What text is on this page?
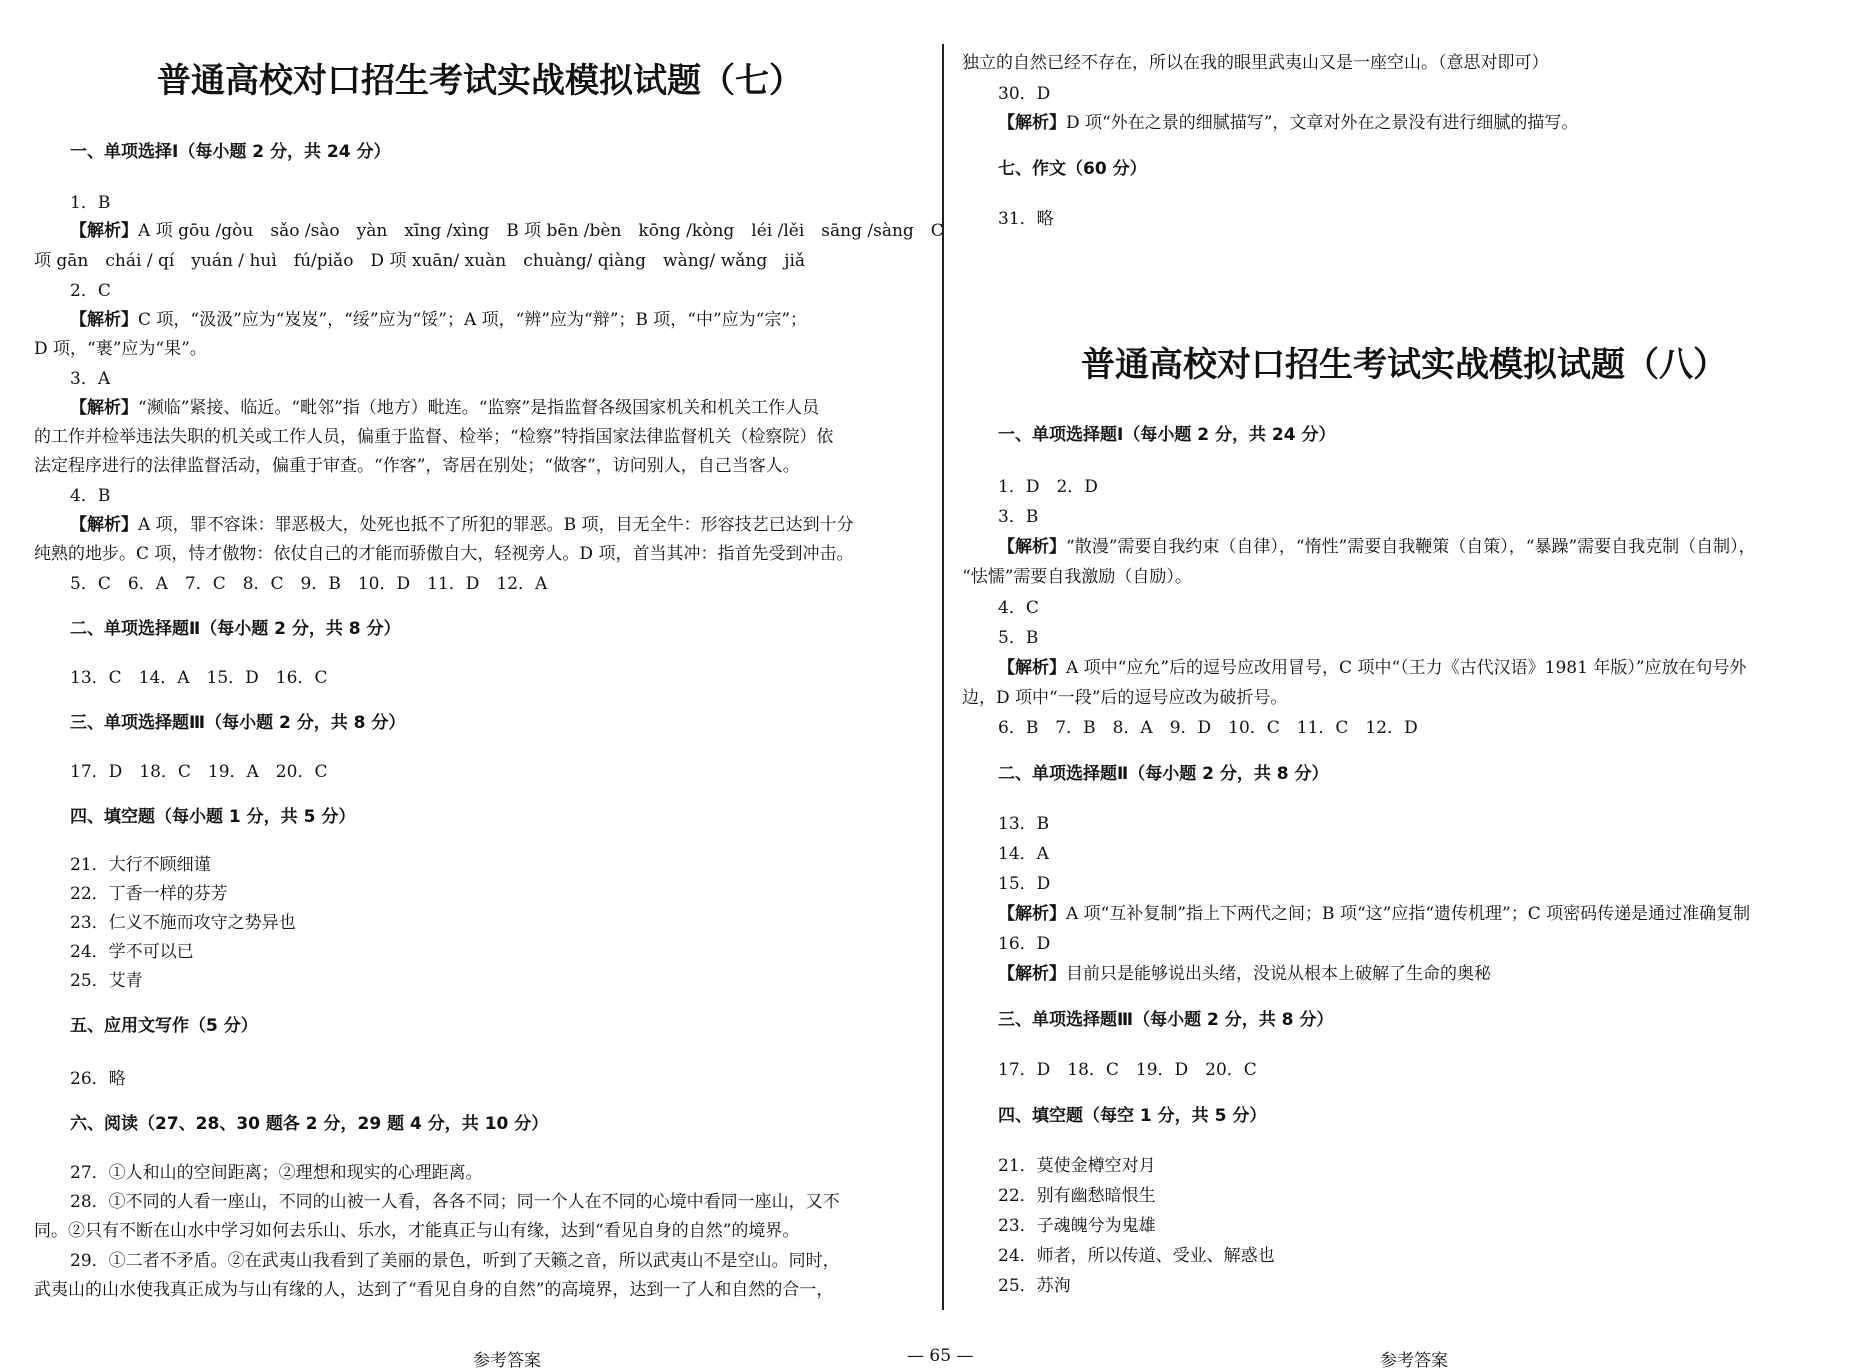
普通高校对口招生考试实战模拟试题（七）
一、单项选择Ⅰ（每小题 2 分，共 24 分）
1．B
【解析】A 项 gōu /gòu　sǎo /sào　yàn　xīng /xìng　B 项 bēn /bèn　kōng /kòng　léi /lěi　sāng /sàng　C
项 gān　chái / qí　yuán / huì　fú/piǎo　D 项 xuān/ xuàn　chuàng/ qiàng　wàng/ wǎng　jiǎ
2．C
【解析】C 项，“汲汲”应为“岌岌”，“绥”应为“馁”；A 项，“辨”应为“辩”；B 项，“中”应为“宗”；
D 项，“裹”应为“果”。
3．A
【解析】“濒临”紧接、临近。“毗邻”指（地方）毗连。“监察”是指监督各级国家机关和机关工作人员
的工作并检举违法失职的机关或工作人员，偏重于监督、检举；“检察”特指国家法律监督机关（检察院）依
法定程序进行的法律监督活动，偏重于审查。“作客”，寄居在别处；“做客”，访问别人，自己当客人。
4．B
【解析】A 项，罪不容诛：罪恶极大，处死也抵不了所犯的罪恶。B 项，目无全牛：形容技艺已达到十分
纯熟的地步。C 项，恃才傲物：依仗自己的才能而骄傲自大，轻视旁人。D 项，首当其冲：指首先受到冲击。
5．C　6．A　7．C　8．C　9．B　10．D　11．D　12．A
二、单项选择题Ⅱ（每小题 2 分，共 8 分）
13．C　14．A　15．D　16．C
三、单项选择题Ⅲ（每小题 2 分，共 8 分）
17．D　18．C　19．A　20．C
四、填空题（每小题 1 分，共 5 分）
21．大行不顾细谨
22．丁香一样的芬芳
23．仁义不施而攻守之势异也
24．学不可以已
25．艾青
五、应用文写作（5 分）
26．略
六、阅读（27、28、30 题各 2 分，29 题 4 分，共 10 分）
27．①人和山的空间距离；②理想和现实的心理距离。
28．①不同的人看一座山，不同的山被一人看，各各不同；同一个人在不同的心境中看同一座山，又不
同。②只有不断在山水中学习如何去乐山、乐水，才能真正与山有缘，达到“看见自身的自然”的境界。
29．①二者不矛盾。②在武夷山我看到了美丽的景色，听到了天籁之音，所以武夷山不是空山。同时，
武夷山的山水使我真正成为与山有缘的人，达到了“看见自身的自然”的高境界，达到一了人和自然的合一，
独立的自然已经不存在，所以在我的眼里武夷山又是一座空山。（意思对即可）
30．D
【解析】D 项“外在之景的细腻描写”，文章对外在之景没有进行细腻的描写。
七、作文（60 分）
31．略
普通高校对口招生考试实战模拟试题（八）
一、单项选择题Ⅰ（每小题 2 分，共 24 分）
1．D　2．D
3．B
【解析】“散漫”需要自我约束（自律），“惰性”需要自我鞭策（自策），“暴躁”需要自我克制（自制），
“怯懦”需要自我激励（自励）。
4．C
5．B
【解析】A 项中“应允”后的逗号应改用冒号，C 项中“（王力《古代汉语》1981 年版）”应放在句号外
边，D 项中“一段”后的逗号应改为破折号。
6．B　7．B　8．A　9．D　10．C　11．C　12．D
二、单项选择题Ⅱ（每小题 2 分，共 8 分）
13．B
14．A
15．D
【解析】A 项“互补复制”指上下两代之间；B 项“这”应指“遗传机理”；C 项密码传递是通过准确复制
16．D
【解析】目前只是能够说出头绪，没说从根本上破解了生命的奥秘
三、单项选择题Ⅲ（每小题 2 分，共 8 分）
17．D　18．C　19．D　20．C
四、填空题（每空 1 分，共 5 分）
21．莫使金樽空对月
22．别有幽愁暗恨生
23．子魂魄兮为鬼雄
24．师者，所以传道、受业、解惑也
25．苏洵
参考答案	— 65 —	参考答案
